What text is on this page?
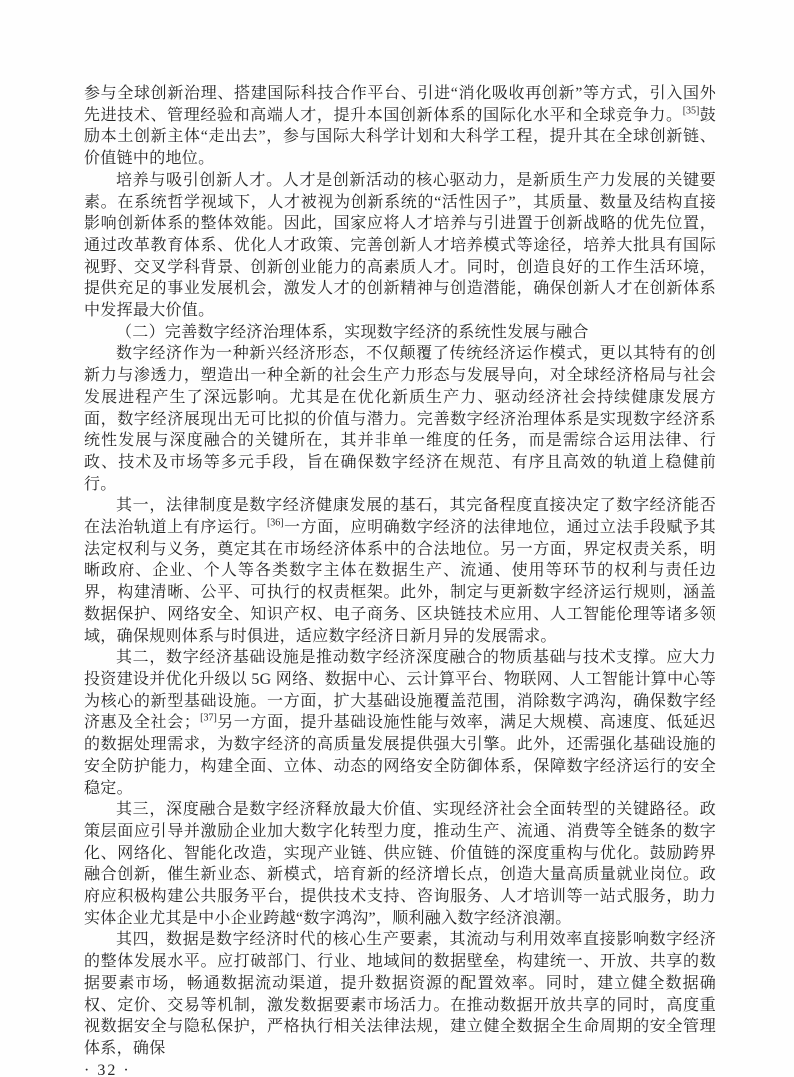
参与全球创新治理、搭建国际科技合作平台、引进“消化吸收再创新”等方式，引入国外先进技术、管理经验和高端人才，提升本国创新体系的国际化水平和全球竞争力。[35]鼓励本土创新主体“走出去”，参与国际大科学计划和大科学工程，提升其在全球创新链、价值链中的地位。

培养与吸引创新人才。人才是创新活动的核心驱动力，是新质生产力发展的关键要素。在系统哲学视域下，人才被视为创新系统的“活性因子”，其质量、数量及结构直接影响创新体系的整体效能。因此，国家应将人才培养与引进置于创新战略的优先位置，通过改革教育体系、优化人才政策、完善创新人才培养模式等途径，培养大批具有国际视野、交叉学科背景、创新创业能力的高素质人才。同时，创造良好的工作生活环境，提供充足的事业发展机会，激发人才的创新精神与创造潜能，确保创新人才在创新体系中发挥最大价值。

（二）完善数字经济治理体系，实现数字经济的系统性发展与融合

数字经济作为一种新兴经济形态，不仅颠覆了传统经济运作模式，更以其特有的创新力与渗透力，塑造出一种全新的社会生产力形态与发展导向，对全球经济格局与社会发展进程产生了深远影响。尤其是在优化新质生产力、驱动经济社会持续健康发展方面，数字经济展现出无可比拟的价值与潜力。完善数字经济治理体系是实现数字经济系统性发展与深度融合的关键所在，其并非单一维度的任务，而是需综合运用法律、行政、技术及市场等多元手段，旨在确保数字经济在规范、有序且高效的轨道上稳健前行。

其一，法律制度是数字经济健康发展的基石，其完备程度直接决定了数字经济能否在法治轨道上有序运行。[36]一方面，应明确数字经济的法律地位，通过立法手段赋予其法定权利与义务，奠定其在市场经济体系中的合法地位。另一方面，界定权责关系，明晰政府、企业、个人等各类数字主体在数据生产、流通、使用等环节的权利与责任边界，构建清晰、公平、可执行的权责框架。此外，制定与更新数字经济运行规则，涵盖数据保护、网络安全、知识产权、电子商务、区块链技术应用、人工智能伦理等诸多领域，确保规则体系与时俱进，适应数字经济日新月异的发展需求。

其二，数字经济基础设施是推动数字经济深度融合的物质基础与技术支撑。应大力投资建设并优化升级以 5G 网络、数据中心、云计算平台、物联网、人工智能计算中心等为核心的新型基础设施。一方面，扩大基础设施覆盖范围，消除数字鸿沟，确保数字经济惠及全社会；[37]另一方面，提升基础设施性能与效率，满足大规模、高速度、低延迟的数据处理需求，为数字经济的高质量发展提供强大引擎。此外，还需强化基础设施的安全防护能力，构建全面、立体、动态的网络安全防御体系，保障数字经济运行的安全稳定。

其三，深度融合是数字经济释放最大价值、实现经济社会全面转型的关键路径。政策层面应引导并激励企业加大数字化转型力度，推动生产、流通、消费等全链条的数字化、网络化、智能化改造，实现产业链、供应链、价值链的深度重构与优化。鼓励跨界融合创新，催生新业态、新模式，培育新的经济增长点，创造大量高质量就业岗位。政府应积极构建公共服务平台，提供技术支持、咨询服务、人才培训等一站式服务，助力实体企业尤其是中小企业跨越“数字鸿沟”，顺利融入数字经济浪潮。

其四，数据是数字经济时代的核心生产要素，其流动与利用效率直接影响数字经济的整体发展水平。应打破部门、行业、地域间的数据壁垒，构建统一、开放、共享的数据要素市场，畅通数据流动渠道，提升数据资源的配置效率。同时，建立健全数据确权、定价、交易等机制，激发数据要素市场活力。在推动数据开放共享的同时，高度重视数据安全与隐私保护，严格执行相关法律法规，建立健全数据全生命周期的安全管理体系，确保

· 32 ·
